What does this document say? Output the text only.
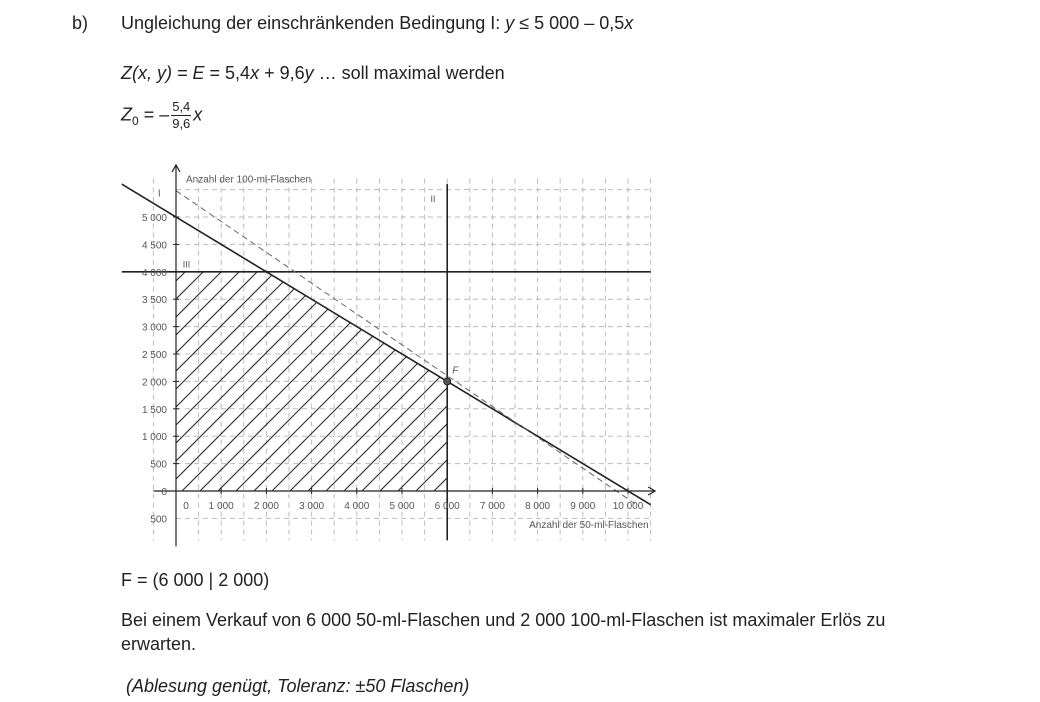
b) Ungleichung der einschränkenden Bedingung I: y ≤ 5 000 – 0,5x
Z(x, y) = E = 5,4x + 9,6y … soll maximal werden
$Z_0$ = – $\frac{5,4}{9,6}$ x
0 1 000 2 000 3 000 4 000 5 000 6 000 7 000 8 000 9 000 10 000
0
500
1 000
1 500
2 000
2 500
3 000
3 500
4 000
4 500
5 000
500
Anzahl der 100-ml-Flaschen
Anzahl der 50-ml-Flaschen
I	II
III
F
F = (6 000 | 2 000)
Bei einem Verkauf von 6 000 50-ml-Flaschen und 2 000 100-ml-Flaschen ist maximaler Erlös zu
erwarten.
(Ablesung genügt, Toleranz: ±50 Flaschen)
